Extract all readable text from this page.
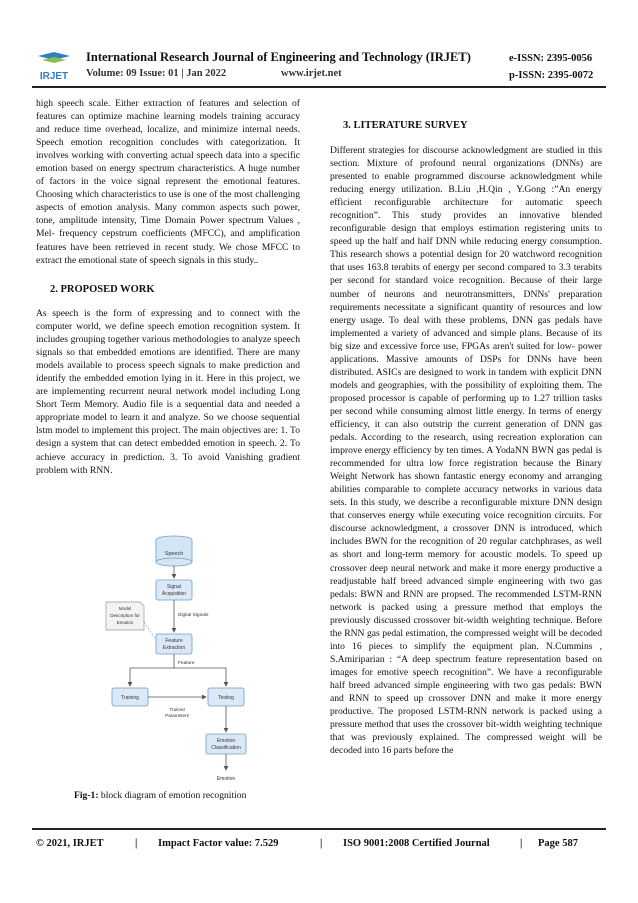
IRJET
International Research Journal of Engineering and Technology (IRJET)
Volume: 09 Issue: 01 | Jan 2022	www.irjet.net
e-ISSN: 2395-0056
p-ISSN: 2395-0072

high speech scale. Either extraction of features and selection of features can optimize machine learning models training accuracy and reduce time overhead, localize, and minimize internal needs. Speech emotion recognition concludes with categorization. It involves working with converting actual speech data into a specific emotion based on energy spectrum characteristics. A huge number of factors in the voice signal represent the emotional features. Choosing which characteristics to use is one of the most challenging aspects of emotion analysis. Many common aspects such power, tone, amplitude intensity, Time Domain Power spectrum Values , Mel- frequency cepstrum coefficients (MFCC), and amplification features have been retrieved in recent study. We chose MFCC to extract the emotional state of speech signals in this study..

2. PROPOSED WORK
As speech is the form of expressing and to connect with the computer world, we define speech emotion recognition system. It includes grouping together various methodologies to analyze speech signals so that embedded emotions are identified. There are many models available to process speech signals to make prediction and identify the embedded emotion lying in it. Here in this project, we are implementing recurrent neural network model including Long Short Term Memory. Audio file is a sequential data and needed a appropriate model to learn it and analyze. So we choose sequential lstm model to implement this project. The main objectives are: 1. To design a system that can detect embedded emotion in speech. 2. To achieve accuracy in prediction. 3. To avoid Vanishing gradient problem with RNN.
Speech
Signal
Acquisition
Digital Signals
Model
Description for
Emotion
Feature
Extraction
Feature
Training	Testing
Trained
Parameters
Emotion
Classification
Emotion
Fig-1: block diagram of emotion recognition
3. LITERATURE SURVEY
Different strategies for discourse acknowledgment are studied in this section. Mixture of profound neural organizations (DNNs) are presented to enable programmed discourse acknowledgment while reducing energy utilization. B.Liu ,H.Qin , Y.Gong :”An energy efficient reconfigurable architecture for automatic speech recognition”. This study provides an innovative blended reconfigurable design that employs estimation registering units to speed up the half and half DNN while reducing energy consumption. This research shows a potential design for 20 watchword recognition that uses 163.8 terabits of energy per second compared to 3.3 terabits per second for standard voice recognition. Because of their large number of neurons and neurotransmitters, DNNs' preparation requirements necessitate a significant quantity of resources and low energy usage. To deal with these problems, DNN gas pedals have implemented a variety of advanced and simple plans. Because of its big size and excessive force use, FPGAs aren't suited for low- power applications. Massive amounts of DSPs for DNNs have been distributed. ASICs are designed to work in tandem with explicit DNN models and geographies, with the possibility of exploiting them. The proposed processor is capable of performing up to 1.27 trillion tasks per second while consuming almost little energy. In terms of energy efficiency, it can also outstrip the current generation of DNN gas pedals. According to the research, using recreation exploration can improve energy efficiency by ten times. A YodaNN BWN gas pedal is recommended for ultra low force registration because the Binary Weight Network has shown fantastic energy economy and arranging abilities comparable to complete accuracy networks in various data sets. In this study, we describe a reconfigurable mixture DNN design that conserves energy while executing voice recognition circuits. For discourse acknowledgment, a crossover DNN is introduced, which includes BWN for the recognition of 20 regular catchphrases, as well as short and long-term memory for acoustic models. To speed up crossover deep neural network and make it more energy productive a readjustable half breed advanced simple engineering with two gas pedals: BWN and RNN are propsed. The recommended LSTM-RNN network is packed using a pressure method that employs the previously discussed crossover bit-width weighting technique. Before the RNN gas pedal estimation, the compressed weight will be decoded into 16 pieces to simplify the equipment plan. N.Cummins , S.Amiriparian : “A deep spectrum feature representation based on images for emotive speech recognition”. We have a reconfigurable half breed advanced simple engineering with two gas pedals: BWN and RNN to speed up crossover DNN and make it more energy productive. The proposed LSTM-RNN network is packed using a pressure method that uses the crossover bit-width weighting technique that was previously explained. The compressed weight will be decoded into 16 parts before the
© 2021, IRJET	| Impact Factor value: 7.529	| ISO 9001:2008 Certified Journal	| Page 587
